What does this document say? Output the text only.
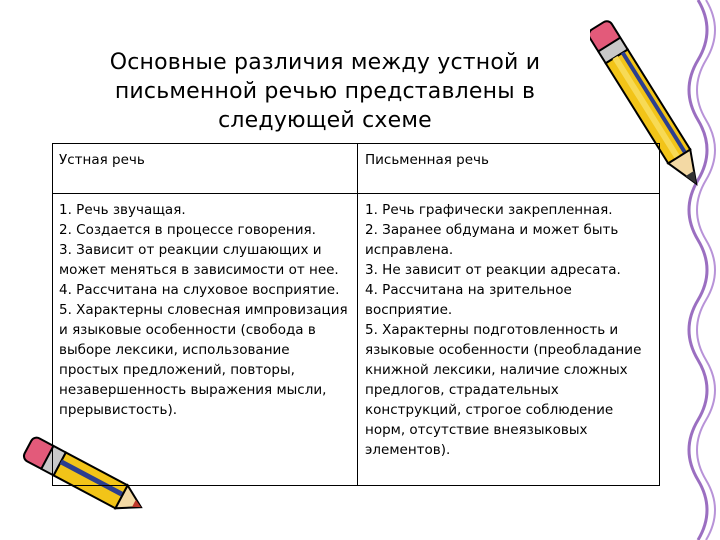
Основные различия между устной и
письменной речью представлены в
следующей схеме
Устная речь	Письменная речь
1. Речь звучащая.
2. Создается в процессе говорения.
3. Зависит от реакции слушающих и может меняться в зависимости от нее.
4. Рассчитана на слуховое восприятие.
5. Характерны словесная импровизация и языковые особенности (свобода в выборе лексики, использование простых предложений, повторы, незавершенность выражения мысли, прерывистость).
1. Речь графически закрепленная.
2. Заранее обдумана и может быть исправлена.
3. Не зависит от реакции адресата.
4. Рассчитана на зрительное восприятие.
5. Характерны подготовленность и языковые особенности (преобладание книжной лексики, наличие сложных предлогов, страдательных конструкций, строгое соблюдение норм, отсутствие внеязыковых элементов).
